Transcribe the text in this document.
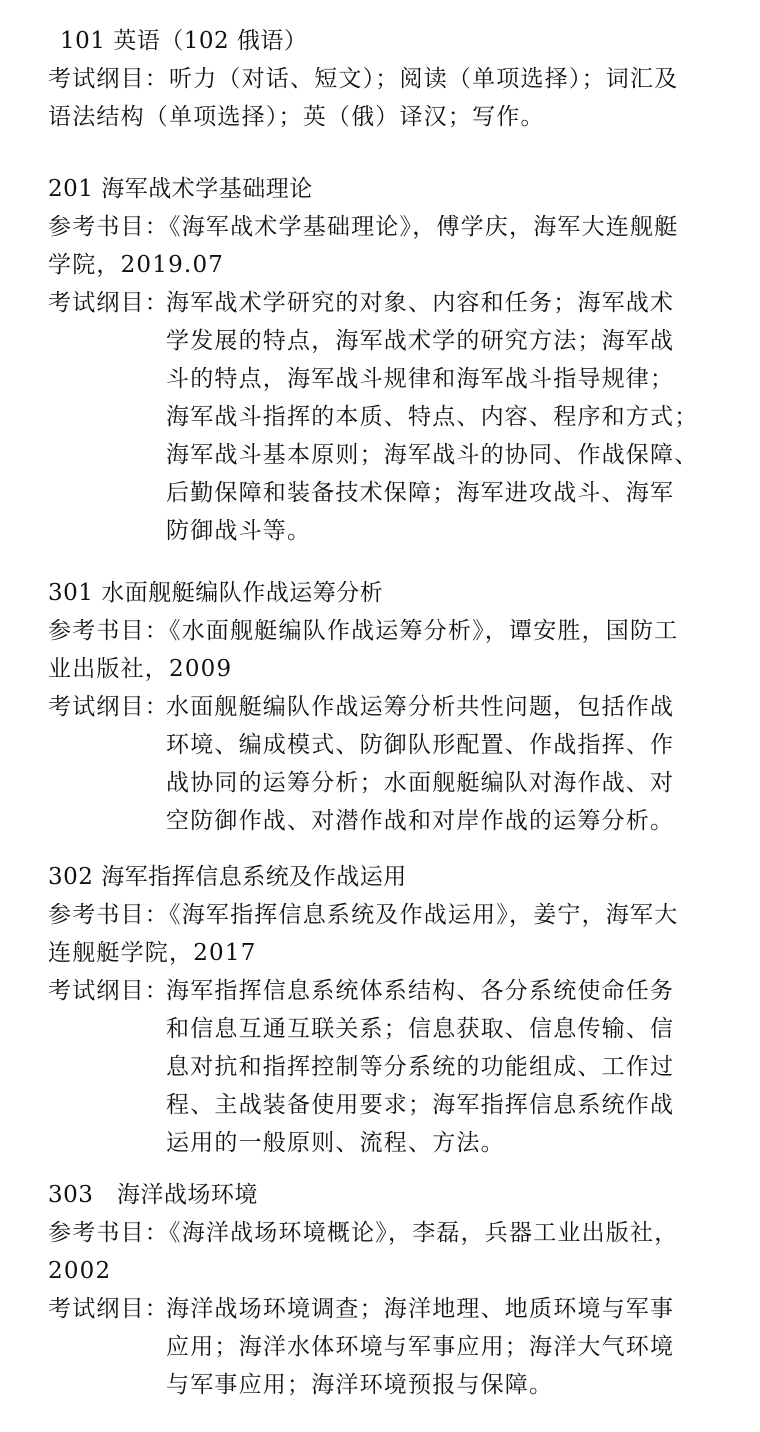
101 英语（102 俄语）
考试纲目：听力（对话、短文）；阅读（单项选择）；词汇及
语法结构（单项选择）；英（俄）译汉；写作。
201 海军战术学基础理论
参考书目：《海军战术学基础理论》，傅学庆，海军大连舰艇
学院，2019.07
考试纲目：
海军战术学研究的对象、内容和任务；海军战术
学发展的特点，海军战术学的研究方法；海军战
斗的特点，海军战斗规律和海军战斗指导规律；
海军战斗指挥的本质、特点、内容、程序和方式；
海军战斗基本原则；海军战斗的协同、作战保障、
后勤保障和装备技术保障；海军进攻战斗、海军
防御战斗等。
301 水面舰艇编队作战运筹分析
参考书目：《水面舰艇编队作战运筹分析》，谭安胜，国防工
业出版社，2009
考试纲目：
水面舰艇编队作战运筹分析共性问题，包括作战
环境、编成模式、防御队形配置、作战指挥、作
战协同的运筹分析；水面舰艇编队对海作战、对
空防御作战、对潜作战和对岸作战的运筹分析。
302 海军指挥信息系统及作战运用
参考书目：《海军指挥信息系统及作战运用》，姜宁，海军大
连舰艇学院，2017
考试纲目：
海军指挥信息系统体系结构、各分系统使命任务
和信息互通互联关系；信息获取、信息传输、信
息对抗和指挥控制等分系统的功能组成、工作过
程、主战装备使用要求；海军指挥信息系统作战
运用的一般原则、流程、方法。
303　海洋战场环境
参考书目：《海洋战场环境概论》，李磊，兵器工业出版社，
2002
考试纲目：
海洋战场环境调查；海洋地理、地质环境与军事
应用；海洋水体环境与军事应用；海洋大气环境
与军事应用；海洋环境预报与保障。
